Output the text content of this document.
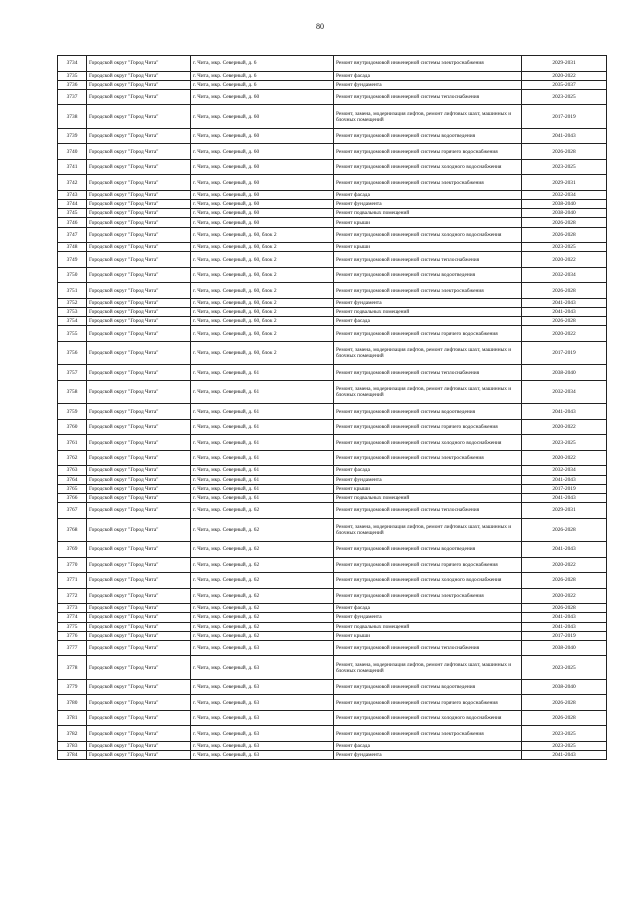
80
3734	Городской округ "Город Чита"	г. Чита, мкр. Северный, д. 6	Ремонт внутридомовой инженерной системы электроснабжения	2029-2031
3735	Городской округ "Город Чита"	г. Чита, мкр. Северный, д. 6	Ремонт фасада	2020-2022
3736	Городской округ "Город Чита"	г. Чита, мкр. Северный, д. 6	Ремонт фундамента	2035-2037
3737	Городской округ "Город Чита"	г. Чита, мкр. Северный, д. 60	Ремонт внутридомовой инженерной системы теплоснабжения	2023-2025
3738	Городской округ "Город Чита"	г. Чита, мкр. Северный, д. 60	Ремонт, замена, модернизация лифтов, ремонт лифтовых шахт, машинных и блочных помещений	2017-2019
3739	Городской округ "Город Чита"	г. Чита, мкр. Северный, д. 60	Ремонт внутридомовой инженерной системы водоотведения	2041-2043
3740	Городской округ "Город Чита"	г. Чита, мкр. Северный, д. 60	Ремонт внутридомовой инженерной системы горячего водоснабжения	2026-2028
3741	Городской округ "Город Чита"	г. Чита, мкр. Северный, д. 60	Ремонт внутридомовой инженерной системы холодного водоснабжения	2023-2025
3742	Городской округ "Город Чита"	г. Чита, мкр. Северный, д. 60	Ремонт внутридомовой инженерной системы электроснабжения	2029-2031
3743	Городской округ "Город Чита"	г. Чита, мкр. Северный, д. 60	Ремонт фасада	2032-2034
3744	Городской округ "Город Чита"	г. Чита, мкр. Северный, д. 60	Ремонт фундамента	2038-2040
3745	Городской округ "Город Чита"	г. Чита, мкр. Северный, д. 60	Ремонт подвальных помещений	2038-2040
3746	Городской округ "Город Чита"	г. Чита, мкр. Северный, д. 60	Ремонт крыши	2026-2028
3747	Городской округ "Город Чита"	г. Чита, мкр. Северный, д. 60, блок 2	Ремонт внутридомовой инженерной системы холодного водоснабжения	2026-2028
3748	Городской округ "Город Чита"	г. Чита, мкр. Северный, д. 60, блок 2	Ремонт крыши	2023-2025
3749	Городской округ "Город Чита"	г. Чита, мкр. Северный, д. 60, блок 2	Ремонт внутридомовой инженерной системы теплоснабжения	2020-2022
3750	Городской округ "Город Чита"	г. Чита, мкр. Северный, д. 60, блок 2	Ремонт внутридомовой инженерной системы водоотведения	2032-2034
3751	Городской округ "Город Чита"	г. Чита, мкр. Северный, д. 60, блок 2	Ремонт внутридомовой инженерной системы электроснабжения	2026-2028
3752	Городской округ "Город Чита"	г. Чита, мкр. Северный, д. 60, блок 2	Ремонт фундамента	2041-2043
3753	Городской округ "Город Чита"	г. Чита, мкр. Северный, д. 60, блок 2	Ремонт подвальных помещений	2041-2043
3754	Городской округ "Город Чита"	г. Чита, мкр. Северный, д. 60, блок 2	Ремонт фасада	2026-2028
3755	Городской округ "Город Чита"	г. Чита, мкр. Северный, д. 60, блок 2	Ремонт внутридомовой инженерной системы горячего водоснабжения	2020-2022
3756	Городской округ "Город Чита"	г. Чита, мкр. Северный, д. 60, блок 2	Ремонт, замена, модернизация лифтов, ремонт лифтовых шахт, машинных и блочных помещений	2017-2019
3757	Городской округ "Город Чита"	г. Чита, мкр. Северный, д. 61	Ремонт внутридомовой инженерной системы теплоснабжения	2038-2040
3758	Городской округ "Город Чита"	г. Чита, мкр. Северный, д. 61	Ремонт, замена, модернизация лифтов, ремонт лифтовых шахт, машинных и блочных помещений	2032-2034
3759	Городской округ "Город Чита"	г. Чита, мкр. Северный, д. 61	Ремонт внутридомовой инженерной системы водоотведения	2041-2043
3760	Городской округ "Город Чита"	г. Чита, мкр. Северный, д. 61	Ремонт внутридомовой инженерной системы горячего водоснабжения	2020-2022
3761	Городской округ "Город Чита"	г. Чита, мкр. Северный, д. 61	Ремонт внутридомовой инженерной системы холодного водоснабжения	2023-2025
3762	Городской округ "Город Чита"	г. Чита, мкр. Северный, д. 61	Ремонт внутридомовой инженерной системы электроснабжения	2020-2022
3763	Городской округ "Город Чита"	г. Чита, мкр. Северный, д. 61	Ремонт фасада	2032-2034
3764	Городской округ "Город Чита"	г. Чита, мкр. Северный, д. 61	Ремонт фундамента	2041-2043
3765	Городской округ "Город Чита"	г. Чита, мкр. Северный, д. 61	Ремонт крыши	2017-2019
3766	Городской округ "Город Чита"	г. Чита, мкр. Северный, д. 61	Ремонт подвальных помещений	2041-2043
3767	Городской округ "Город Чита"	г. Чита, мкр. Северный, д. 62	Ремонт внутридомовой инженерной системы теплоснабжения	2029-2031
3768	Городской округ "Город Чита"	г. Чита, мкр. Северный, д. 62	Ремонт, замена, модернизация лифтов, ремонт лифтовых шахт, машинных и блочных помещений	2026-2028
3769	Городской округ "Город Чита"	г. Чита, мкр. Северный, д. 62	Ремонт внутридомовой инженерной системы водоотведения	2041-2043
3770	Городской округ "Город Чита"	г. Чита, мкр. Северный, д. 62	Ремонт внутридомовой инженерной системы горячего водоснабжения	2020-2022
3771	Городской округ "Город Чита"	г. Чита, мкр. Северный, д. 62	Ремонт внутридомовой инженерной системы холодного водоснабжения	2026-2028
3772	Городской округ "Город Чита"	г. Чита, мкр. Северный, д. 62	Ремонт внутридомовой инженерной системы электроснабжения	2020-2022
3773	Городской округ "Город Чита"	г. Чита, мкр. Северный, д. 62	Ремонт фасада	2026-2028
3774	Городской округ "Город Чита"	г. Чита, мкр. Северный, д. 62	Ремонт фундамента	2041-2043
3775	Городской округ "Город Чита"	г. Чита, мкр. Северный, д. 62	Ремонт подвальных помещений	2041-2043
3776	Городской округ "Город Чита"	г. Чита, мкр. Северный, д. 62	Ремонт крыши	2017-2019
3777	Городской округ "Город Чита"	г. Чита, мкр. Северный, д. 63	Ремонт внутридомовой инженерной системы теплоснабжения	2038-2040
3778	Городской округ "Город Чита"	г. Чита, мкр. Северный, д. 63	Ремонт, замена, модернизация лифтов, ремонт лифтовых шахт, машинных и блочных помещений	2023-2025
3779	Городской округ "Город Чита"	г. Чита, мкр. Северный, д. 63	Ремонт внутридомовой инженерной системы водоотведения	2038-2040
3780	Городской округ "Город Чита"	г. Чита, мкр. Северный, д. 63	Ремонт внутридомовой инженерной системы горячего водоснабжения	2026-2028
3781	Городской округ "Город Чита"	г. Чита, мкр. Северный, д. 63	Ремонт внутридомовой инженерной системы холодного водоснабжения	2026-2028
3782	Городской округ "Город Чита"	г. Чита, мкр. Северный, д. 63	Ремонт внутридомовой инженерной системы электроснабжения	2023-2025
3783	Городской округ "Город Чита"	г. Чита, мкр. Северный, д. 63	Ремонт фасада	2023-2025
3784	Городской округ "Город Чита"	г. Чита, мкр. Северный, д. 63	Ремонт фундамента	2041-2043
